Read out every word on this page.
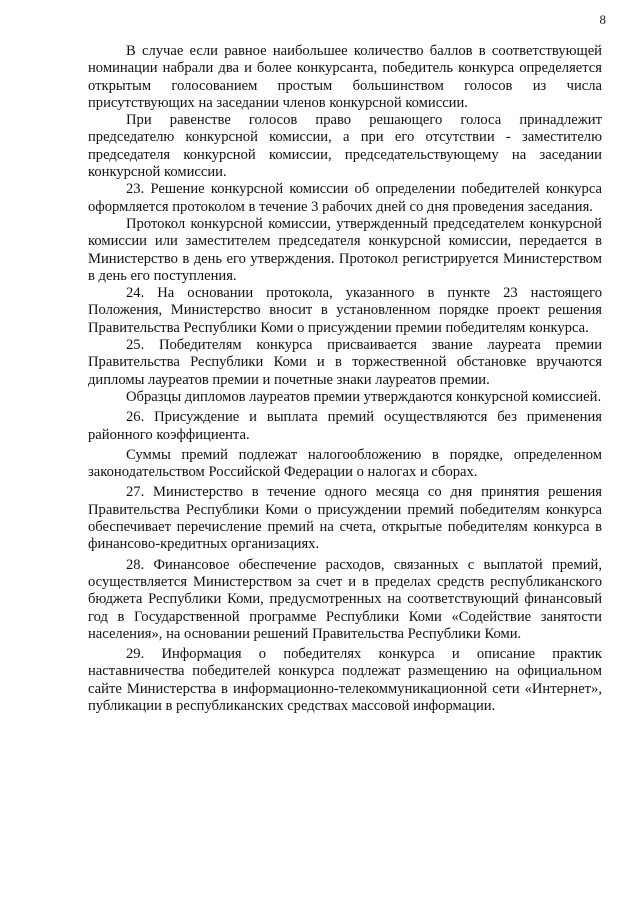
8

В случае если равное наибольшее количество баллов в соответствующей номинации набрали два и более конкурсанта, победитель конкурса определяется открытым голосованием простым большинством голосов из числа присутствующих на заседании членов конкурсной комиссии.

При равенстве голосов право решающего голоса принадлежит председателю конкурсной комиссии, а при его отсутствии - заместителю председателя конкурсной комиссии, председательствующему на заседании конкурсной комиссии.

23. Решение конкурсной комиссии об определении победителей конкурса оформляется протоколом в течение 3 рабочих дней со дня проведения заседания.

Протокол конкурсной комиссии, утвержденный председателем конкурсной комиссии или заместителем председателя конкурсной комиссии, передается в Министерство в день его утверждения. Протокол регистрируется Министерством в день его поступления.

24. На основании протокола, указанного в пункте 23 настоящего Положения, Министерство вносит в установленном порядке проект решения Правительства Республики Коми о присуждении премии победителям конкурса.

25. Победителям конкурса присваивается звание лауреата премии Правительства Республики Коми и в торжественной обстановке вручаются дипломы лауреатов премии и почетные знаки лауреатов премии.

Образцы дипломов лауреатов премии утверждаются конкурсной комиссией.

26. Присуждение и выплата премий осуществляются без применения районного коэффициента.

Суммы премий подлежат налогообложению в порядке, определенном законодательством Российской Федерации о налогах и сборах.

27. Министерство в течение одного месяца со дня принятия решения Правительства Республики Коми о присуждении премий победителям конкурса обеспечивает перечисление премий на счета, открытые победителям конкурса в финансово-кредитных организациях.

28. Финансовое обеспечение расходов, связанных с выплатой премий, осуществляется Министерством за счет и в пределах средств республиканского бюджета Республики Коми, предусмотренных на соответствующий финансовый год в Государственной программе Республики Коми «Содействие занятости населения», на основании решений Правительства Республики Коми.

29. Информация о победителях конкурса и описание практик наставничества победителей конкурса подлежат размещению на официальном сайте Министерства в информационно-телекоммуникационной сети «Интернет», публикации в республиканских средствах массовой информации.
